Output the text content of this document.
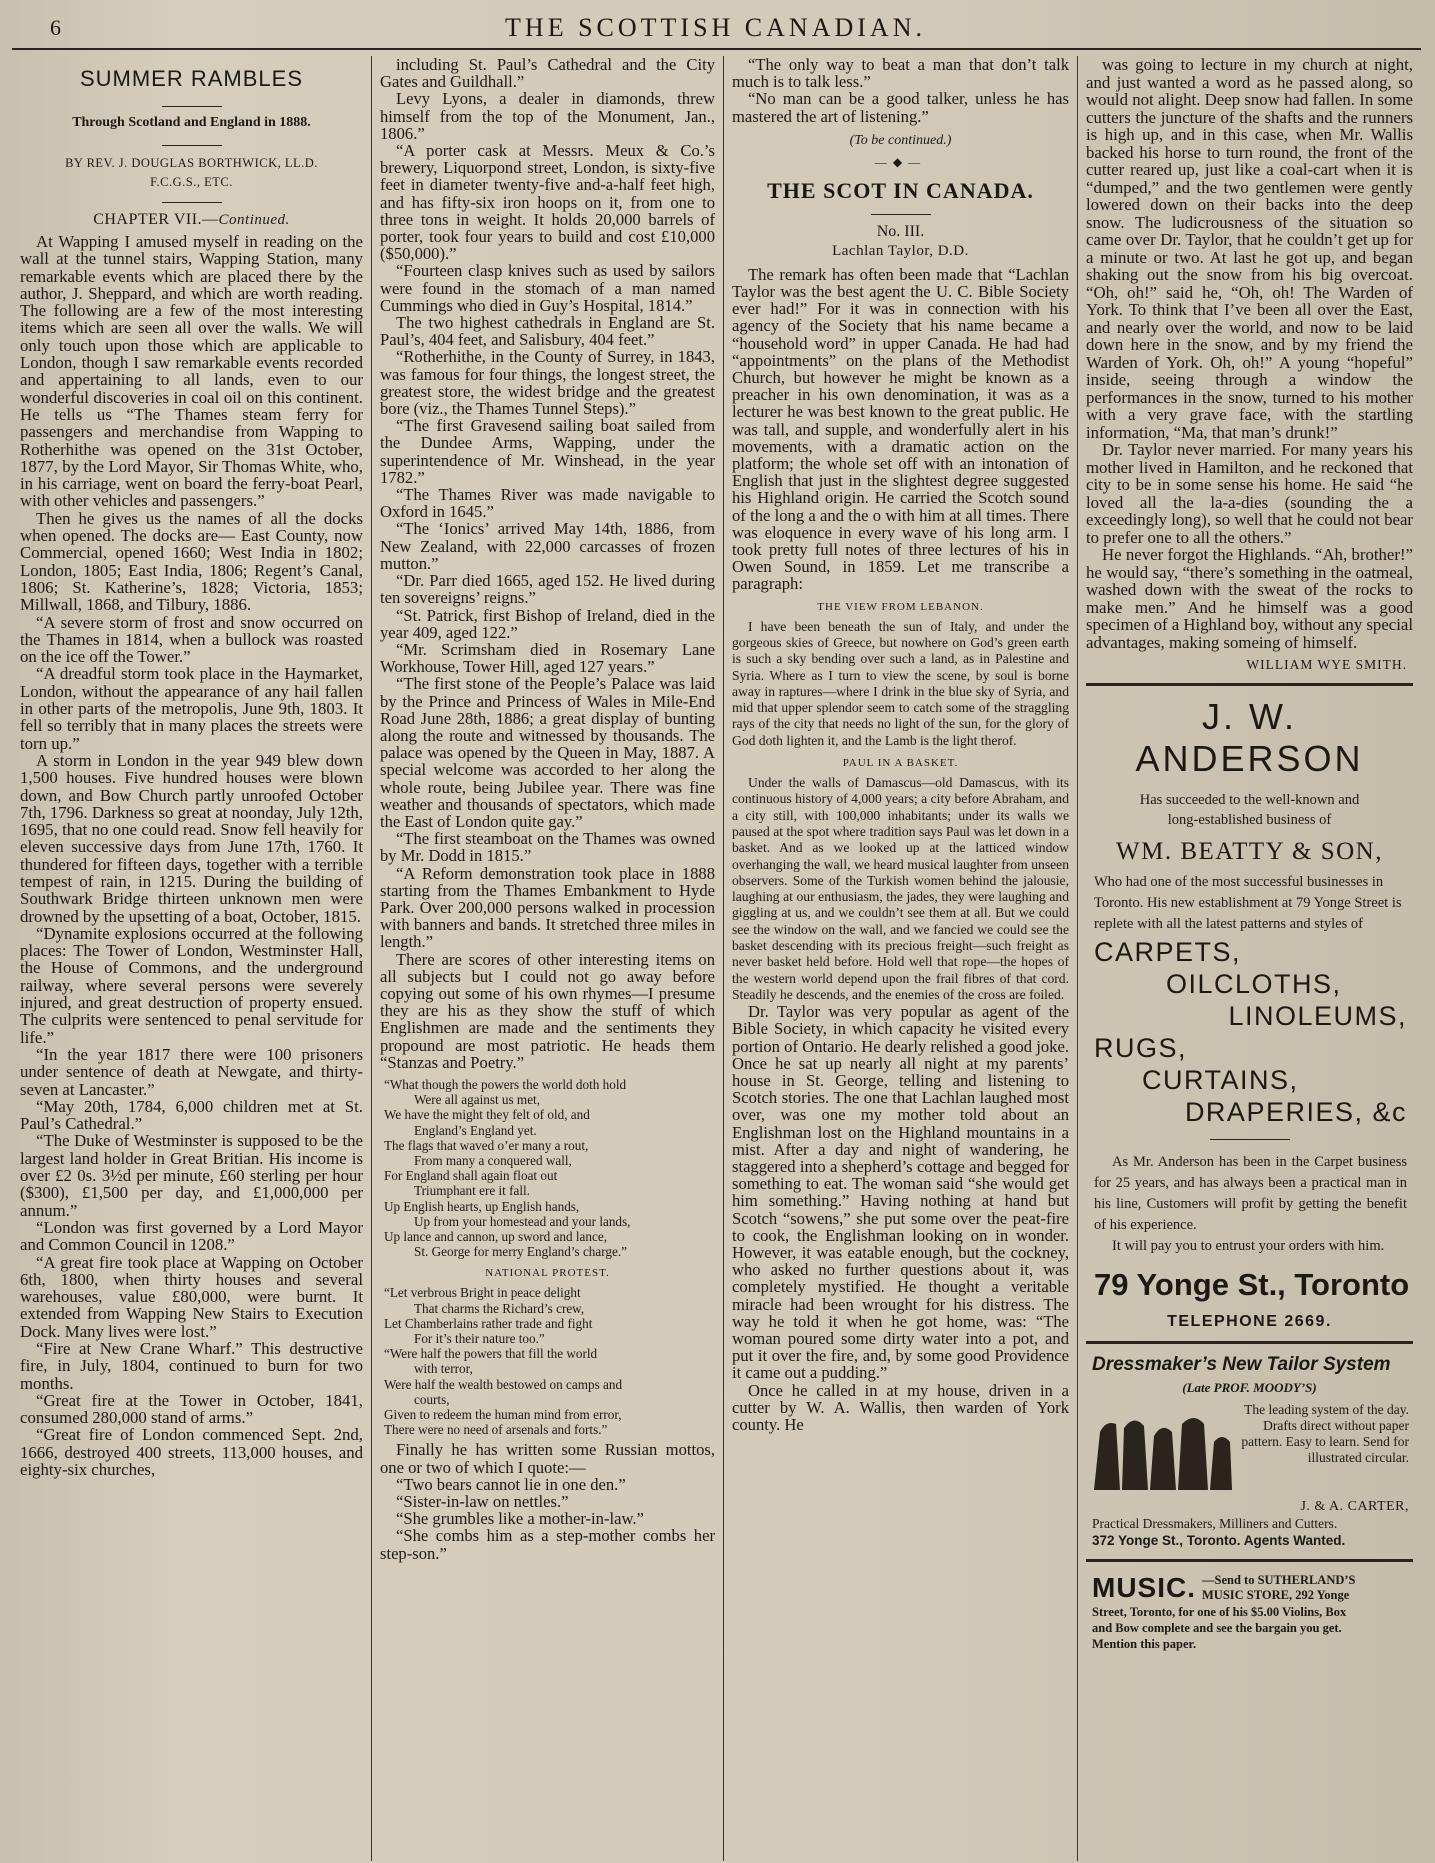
6	THE SCOTTISH CANADIAN.
SUMMER RAMBLES
Through Scotland and England in 1888.
BY REV. J. DOUGLAS BORTHWICK, LL.D.
F.C.G.S., ETC.
CHAPTER VII.—Continued.

At Wapping I amused myself in reading on the wall at the tunnel stairs, Wapping Station, many remarkable events which are placed there by the author, J. Sheppard, and which are worth reading. The following are a few of the most interesting items which are seen all over the walls. We will only touch upon those which are applicable to London, though I saw remarkable events recorded and appertaining to all lands, even to our wonderful discoveries in coal oil on this continent. He tells us “The Thames steam ferry for passengers and merchandise from Wapping to Rotherhithe was opened on the 31st October, 1877, by the Lord Mayor, Sir Thomas White, who, in his carriage, went on board the ferry-boat Pearl, with other vehicles and passengers.”

Then he gives us the names of all the docks when opened. The docks are— East County, now Commercial, opened 1660; West India in 1802; London, 1805; East India, 1806; Regent’s Canal, 1806; St. Katherine’s, 1828; Victoria, 1853; Millwall, 1868, and Tilbury, 1886.

“A severe storm of frost and snow occurred on the Thames in 1814, when a bullock was roasted on the ice off the Tower.”

“A dreadful storm took place in the Haymarket, London, without the appearance of any hail fallen in other parts of the metropolis, June 9th, 1803. It fell so terribly that in many places the streets were torn up.”

A storm in London in the year 949 blew down 1,500 houses. Five hundred houses were blown down, and Bow Church partly unroofed October 7th, 1796. Darkness so great at noonday, July 12th, 1695, that no one could read. Snow fell heavily for eleven successive days from June 17th, 1760. It thundered for fifteen days, together with a terrible tempest of rain, in 1215. During the building of Southwark Bridge thirteen unknown men were drowned by the upsetting of a boat, October, 1815.

“Dynamite explosions occurred at the following places: The Tower of London, Westminster Hall, the House of Commons, and the underground railway, where several persons were severely injured, and great destruction of property ensued. The culprits were sentenced to penal servitude for life.”

“In the year 1817 there were 100 prisoners under sentence of death at Newgate, and thirty-seven at Lancaster.”

“May 20th, 1784, 6,000 children met at St. Paul’s Cathedral.”

“The Duke of Westminster is supposed to be the largest land holder in Great Britian. His income is over £2 0s. 3½d per minute, £60 sterling per hour ($300), £1,500 per day, and £1,000,000 per annum.”

“London was first governed by a Lord Mayor and Common Council in 1208.”

“A great fire took place at Wapping on October 6th, 1800, when thirty houses and several warehouses, value £80,000, were burnt. It extended from Wapping New Stairs to Execution Dock. Many lives were lost.”

“Fire at New Crane Wharf.” This destructive fire, in July, 1804, continued to burn for two months.

“Great fire at the Tower in October, 1841, consumed 280,000 stand of arms.”

“Great fire of London commenced Sept. 2nd, 1666, destroyed 400 streets, 113,000 houses, and eighty-six churches,

including St. Paul’s Cathedral and the City Gates and Guildhall.”

Levy Lyons, a dealer in diamonds, threw himself from the top of the Monument, Jan., 1806.”

“A porter cask at Messrs. Meux & Co.’s brewery, Liquorpond street, London, is sixty-five feet in diameter twenty-five and-a-half feet high, and has fifty-six iron hoops on it, from one to three tons in weight. It holds 20,000 barrels of porter, took four years to build and cost £10,000 ($50,000).”

“Fourteen clasp knives such as used by sailors were found in the stomach of a man named Cummings who died in Guy’s Hospital, 1814.”

The two highest cathedrals in England are St. Paul’s, 404 feet, and Salisbury, 404 feet.”

“Rotherhithe, in the County of Surrey, in 1843, was famous for four things, the longest street, the greatest store, the widest bridge and the greatest bore (viz., the Thames Tunnel Steps).”

“The first Gravesend sailing boat sailed from the Dundee Arms, Wapping, under the superintendence of Mr. Winshead, in the year 1782.”

“The Thames River was made navigable to Oxford in 1645.”

“The ‘Ionics’ arrived May 14th, 1886, from New Zealand, with 22,000 carcasses of frozen mutton.”

“Dr. Parr died 1665, aged 152. He lived during ten sovereigns’ reigns.”

“St. Patrick, first Bishop of Ireland, died in the year 409, aged 122.”

“Mr. Scrimsham died in Rosemary Lane Workhouse, Tower Hill, aged 127 years.”

“The first stone of the People’s Palace was laid by the Prince and Princess of Wales in Mile-End Road June 28th, 1886; a great display of bunting along the route and witnessed by thousands. The palace was opened by the Queen in May, 1887. A special welcome was accorded to her along the whole route, being Jubilee year. There was fine weather and thousands of spectators, which made the East of London quite gay.”

“The first steamboat on the Thames was owned by Mr. Dodd in 1815.”

“A Reform demonstration took place in 1888 starting from the Thames Embankment to Hyde Park. Over 200,000 persons walked in procession with banners and bands. It stretched three miles in length.”

There are scores of other interesting items on all subjects but I could not go away before copying out some of his own rhymes—I presume they are his as they show the stuff of which Englishmen are made and the sentiments they propound are most patriotic. He heads them “Stanzas and Poetry.”

“What though the powers the world doth hold
Were all against us met,
We have the might they felt of old, and
England’s England yet.
The flags that waved o’er many a rout,
From many a conquered wall,
For England shall again float out
Triumphant ere it fall.
Up English hearts, up English hands,
Up from your homestead and your lands,
Up lance and cannon, up sword and lance,
St. George for merry England’s charge.”
NATIONAL PROTEST.
“Let verbrous Bright in peace delight
That charms the Richard’s crew,
Let Chamberlains rather trade and fight
For it’s their nature too.”
“Were half the powers that fill the world
with terror,
Were half the wealth bestowed on camps and
courts,
Given to redeem the human mind from error,
There were no need of arsenals and forts.”

Finally he has written some Russian mottos, one or two of which I quote:—

“Two bears cannot lie in one den.”

“Sister-in-law on nettles.”

“She grumbles like a mother-in-law.”

“She combs him as a step-mother combs her step-son.”

“The only way to beat a man that don’t talk much is to talk less.”

“No man can be a good talker, unless he has mastered the art of listening.”

(To be continued.)
—◆—
THE SCOT IN CANADA.
No. III.
Lachlan Taylor, D.D.

The remark has often been made that “Lachlan Taylor was the best agent the U. C. Bible Society ever had!” For it was in connection with his agency of the Society that his name became a “household word” in upper Canada. He had had “appointments” on the plans of the Methodist Church, but however he might be known as a preacher in his own denomination, it was as a lecturer he was best known to the great public. He was tall, and supple, and wonderfully alert in his movements, with a dramatic action on the platform; the whole set off with an intonation of English that just in the slightest degree suggested his Highland origin. He carried the Scotch sound of the long a and the o with him at all times. There was eloquence in every wave of his long arm. I took pretty full notes of three lectures of his in Owen Sound, in 1859. Let me transcribe a paragraph:

THE VIEW FROM LEBANON.

I have been beneath the sun of Italy, and under the gorgeous skies of Greece, but nowhere on God’s green earth is such a sky bending over such a land, as in Palestine and Syria. Where as I turn to view the scene, by soul is borne away in raptures—where I drink in the blue sky of Syria, and mid that upper splendor seem to catch some of the straggling rays of the city that needs no light of the sun, for the glory of God doth lighten it, and the Lamb is the light therof.

PAUL IN A BASKET.

Under the walls of Damascus—old Damascus, with its continuous history of 4,000 years; a city before Abraham, and a city still, with 100,000 inhabitants; under its walls we paused at the spot where tradition says Paul was let down in a basket. And as we looked up at the latticed window overhanging the wall, we heard musical laughter from unseen observers. Some of the Turkish women behind the jalousie, laughing at our enthusiasm, the jades, they were laughing and giggling at us, and we couldn’t see them at all. But we could see the window on the wall, and we fancied we could see the basket descending with its precious freight—such freight as never basket held before. Hold well that rope—the hopes of the western world depend upon the frail fibres of that cord. Steadily he descends, and the enemies of the cross are foiled.

Dr. Taylor was very popular as agent of the Bible Society, in which capacity he visited every portion of Ontario. He dearly relished a good joke. Once he sat up nearly all night at my parents’ house in St. George, telling and listening to Scotch stories. The one that Lachlan laughed most over, was one my mother told about an Englishman lost on the Highland mountains in a mist. After a day and night of wandering, he staggered into a shepherd’s cottage and begged for something to eat. The woman said “she would get him something.” Having nothing at hand but Scotch “sowens,” she put some over the peat-fire to cook, the Englishman looking on in wonder. However, it was eatable enough, but the cockney, who asked no further questions about it, was completely mystified. He thought a veritable miracle had been wrought for his distress. The way he told it when he got home, was: “The woman poured some dirty water into a pot, and put it over the fire, and, by some good Providence it came out a pudding.”

Once he called in at my house, driven in a cutter by W. A. Wallis, then warden of York county. He

was going to lecture in my church at night, and just wanted a word as he passed along, so would not alight. Deep snow had fallen. In some cutters the juncture of the shafts and the runners is high up, and in this case, when Mr. Wallis backed his horse to turn round, the front of the cutter reared up, just like a coal-cart when it is “dumped,” and the two gentlemen were gently lowered down on their backs into the deep snow. The ludicrousness of the situation so came over Dr. Taylor, that he couldn’t get up for a minute or two. At last he got up, and began shaking out the snow from his big overcoat. “Oh, oh!” said he, “Oh, oh! The Warden of York. To think that I’ve been all over the East, and nearly over the world, and now to be laid down here in the snow, and by my friend the Warden of York. Oh, oh!” A young “hopeful” inside, seeing through a window the performances in the snow, turned to his mother with a very grave face, with the startling information, “Ma, that man’s drunk!”

Dr. Taylor never married. For many years his mother lived in Hamilton, and he reckoned that city to be in some sense his home. He said “he loved all the la-a-dies (sounding the a exceedingly long), so well that he could not bear to prefer one to all the others.”

He never forgot the Highlands. “Ah, brother!” he would say, “there’s something in the oatmeal, washed down with the sweat of the rocks to make men.” And he himself was a good specimen of a Highland boy, without any special advantages, making someing of himself.

WILLIAM WYE SMITH.
J. W. ANDERSON
Has succeeded to the well-known and
long-established business of
WM. BEATTY & SON,
Who had one of the most successful businesses in Toronto. His new establishment at 79 Yonge Street is replete with all the latest patterns and styles of
CARPETS,
OILCLOTHS,
LINOLEUMS,
RUGS,
CURTAINS,
DRAPERIES, &c
As Mr. Anderson has been in the Carpet business for 25 years, and has always been a practical man in his line, Customers will profit by getting the benefit of his experience.
It will pay you to entrust your orders with him.
79 Yonge St., Toronto
TELEPHONE 2669.
Dressmaker’s New Tailor System
(Late PROF. MOODY’S)
The leading system of the day. Drafts direct without paper pattern. Easy to learn. Send for illustrated circular.
J. & A. CARTER,
Practical Dressmakers, Milliners and Cutters.
372 Yonge St., Toronto. Agents Wanted.
MUSIC. —Send to SUTHERLAND’S
MUSIC STORE, 292 Yonge
Street, Toronto, for one of his $5.00 Violins, Box
and Bow complete and see the bargain you get.
Mention this paper.
